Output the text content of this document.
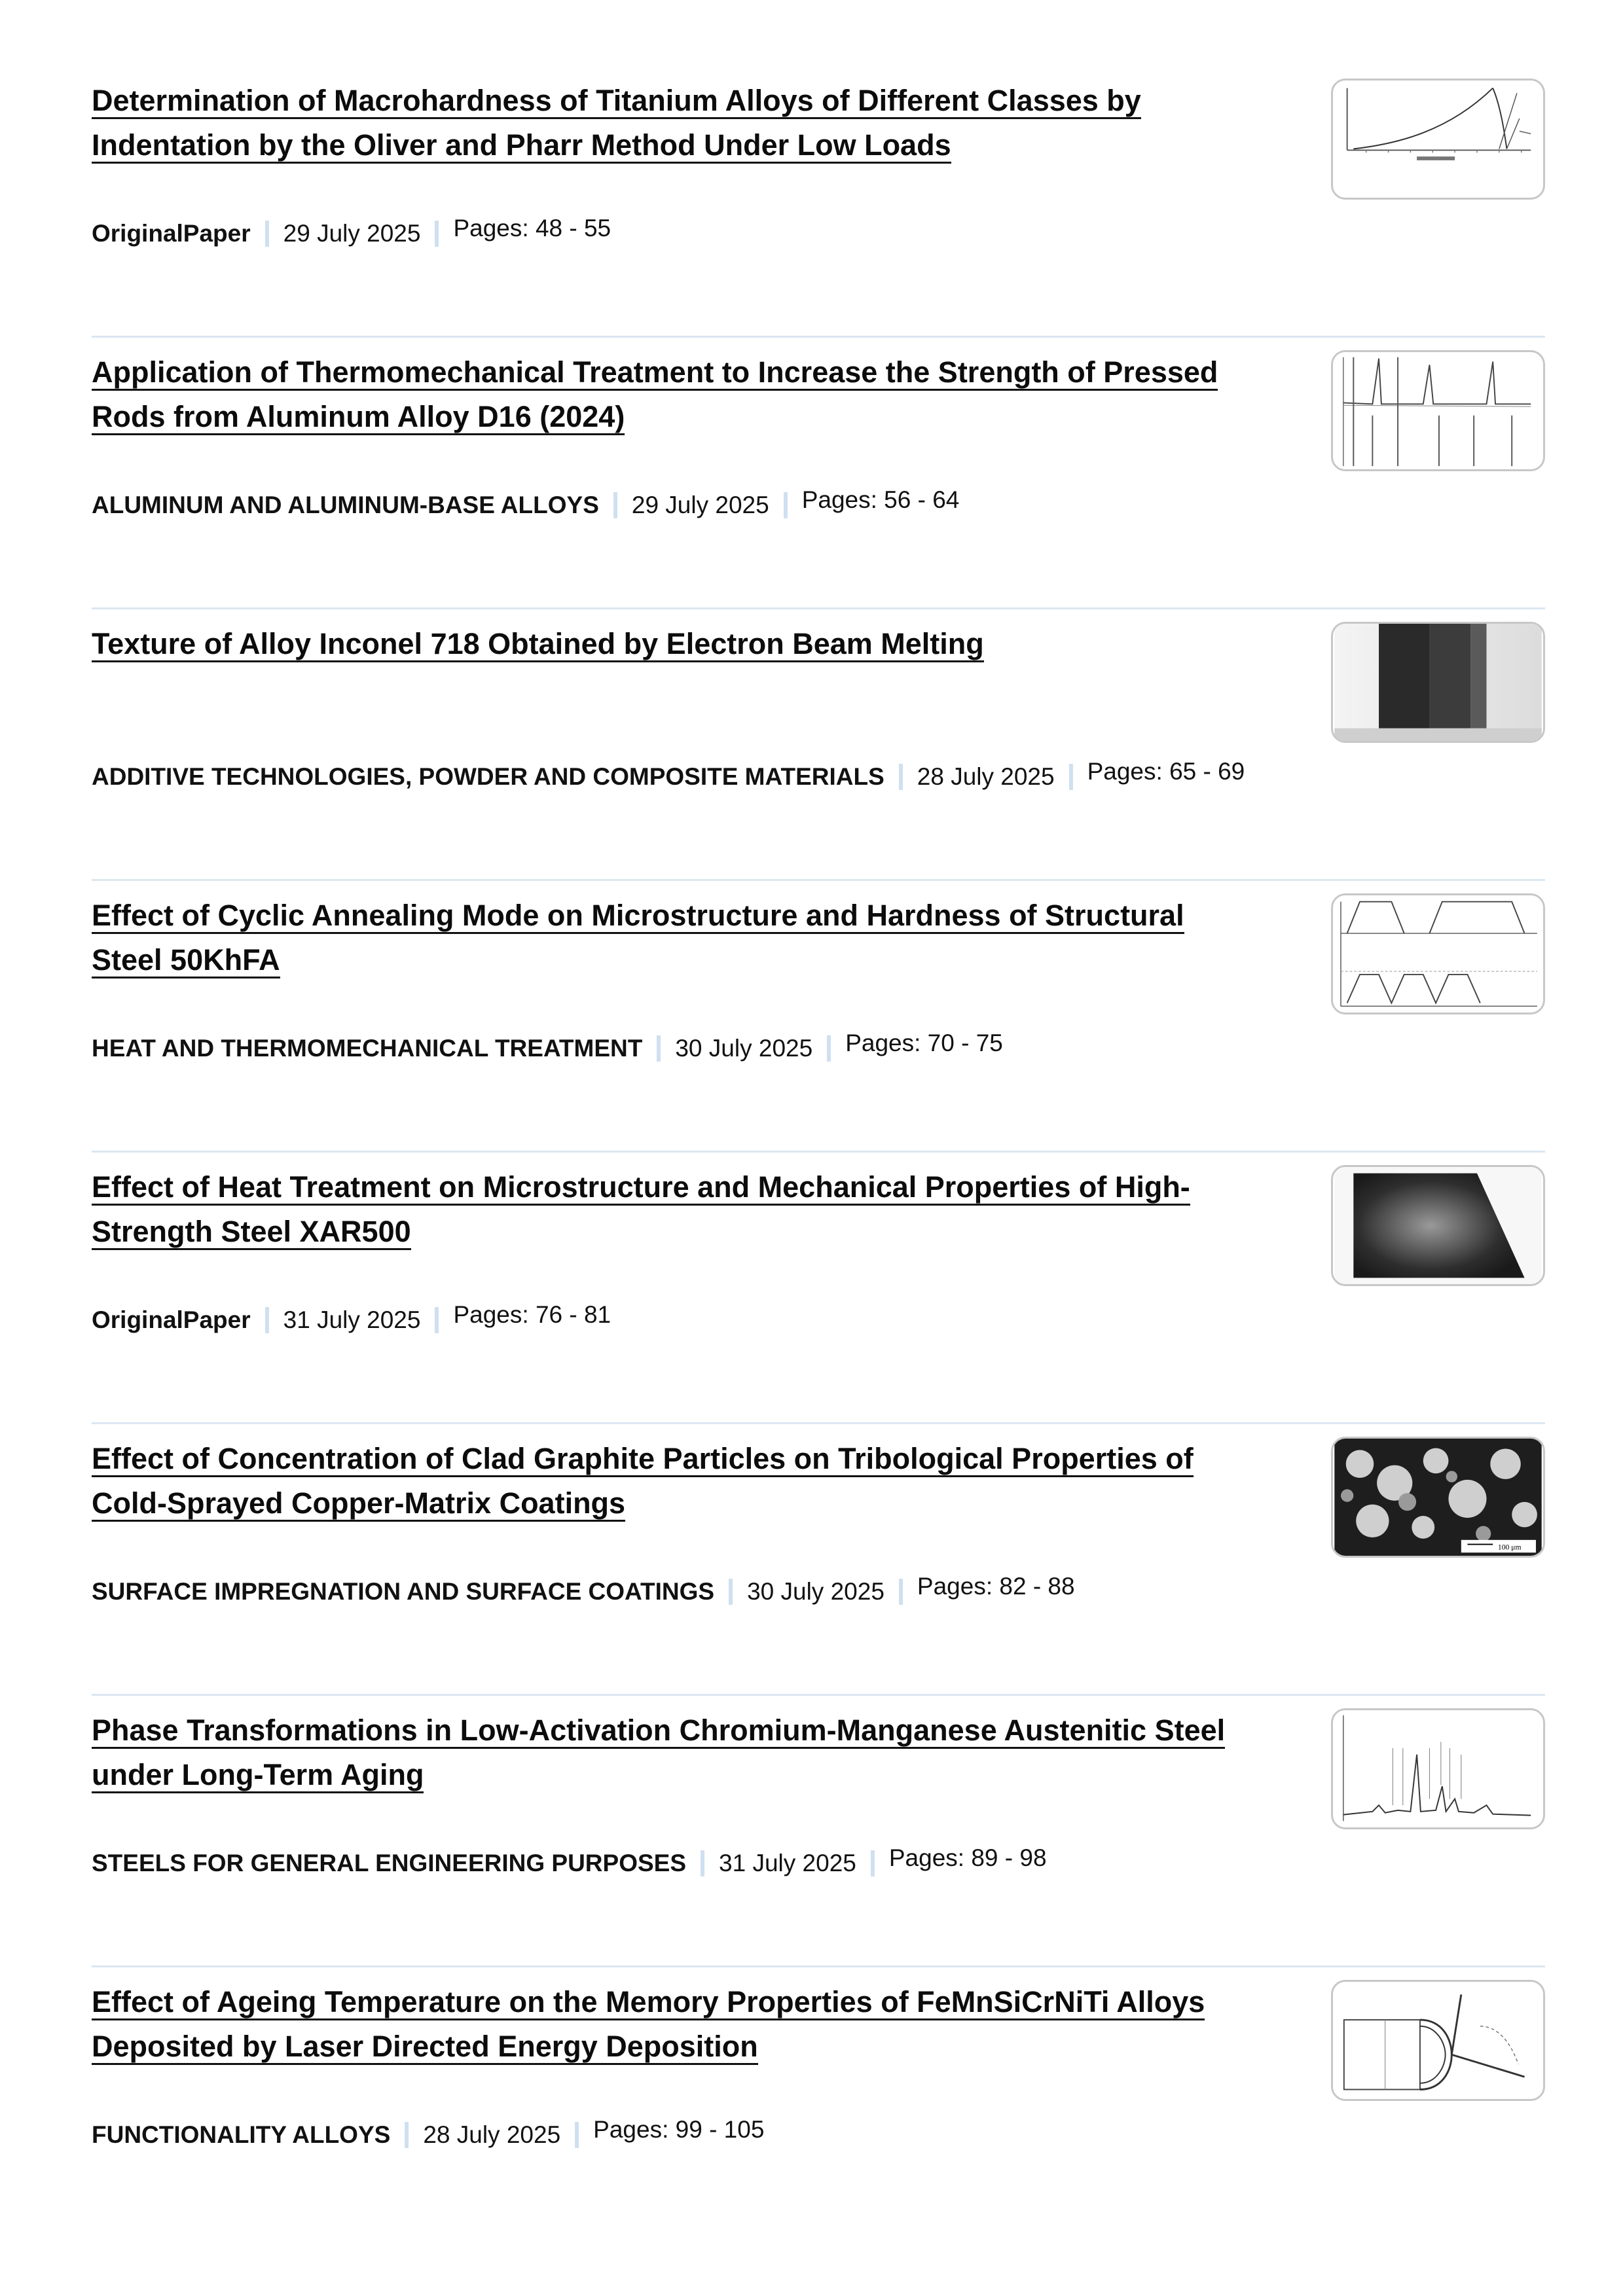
Determination of Macrohardness of Titanium Alloys of Different Classes by
Indentation by the Oliver and Pharr Method Under Low Loads
OriginalPaper 29 July 2025 Pages: 48 - 55
Application of Thermomechanical Treatment to Increase the Strength of Pressed
Rods from Aluminum Alloy D16 (2024)
ALUMINUM AND ALUMINUM-BASE ALLOYS 29 July 2025 Pages: 56 - 64
Texture of Alloy Inconel 718 Obtained by Electron Beam Melting
ADDITIVE TECHNOLOGIES, POWDER AND COMPOSITE MATERIALS 28 July 2025 Pages: 65 - 69
Effect of Cyclic Annealing Mode on Microstructure and Hardness of Structural
Steel 50KhFA
HEAT AND THERMOMECHANICAL TREATMENT 30 July 2025 Pages: 70 - 75
Effect of Heat Treatment on Microstructure and Mechanical Properties of High-
Strength Steel XAR500
OriginalPaper 31 July 2025 Pages: 76 - 81
Effect of Concentration of Clad Graphite Particles on Tribological Properties of
Cold-Sprayed Copper-Matrix Coatings
SURFACE IMPREGNATION AND SURFACE COATINGS 30 July 2025 Pages: 82 - 88
100 μm
Phase Transformations in Low-Activation Chromium-Manganese Austenitic Steel
under Long-Term Aging
STEELS FOR GENERAL ENGINEERING PURPOSES 31 July 2025 Pages: 89 - 98
Effect of Ageing Temperature on the Memory Properties of FeMnSiCrNiTi Alloys
Deposited by Laser Directed Energy Deposition
FUNCTIONALITY ALLOYS 28 July 2025 Pages: 99 - 105
